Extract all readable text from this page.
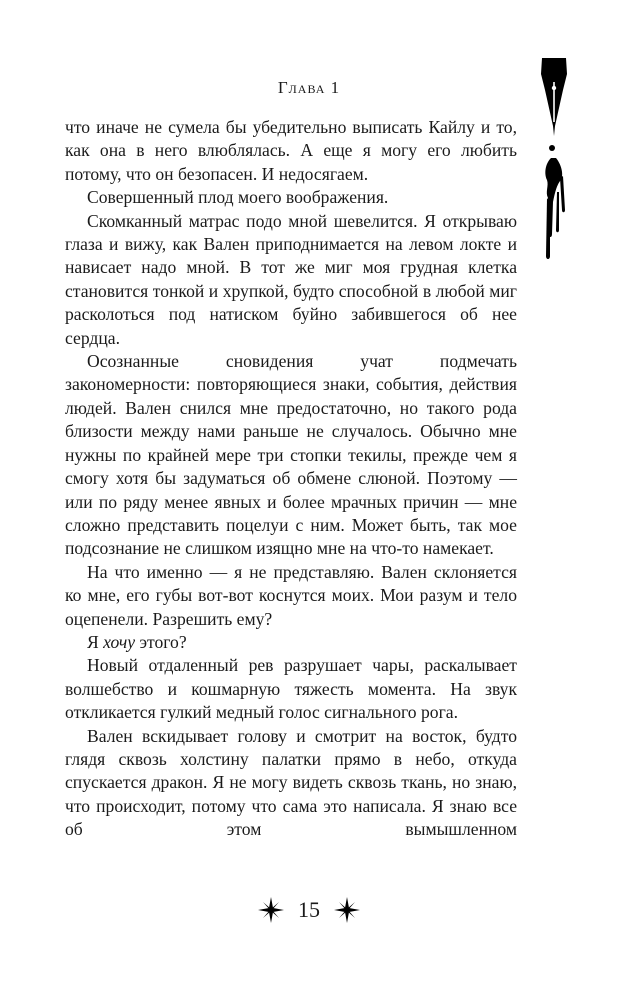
Глава 1

что иначе не сумела бы убедительно выписать Кайлу и то, как она в него влюблялась. А еще я могу его любить потому, что он безопасен. И недосягаем.

Совершенный плод моего воображения.

Скомканный матрас подо мной шевелится. Я открываю глаза и вижу, как Вален приподнимается на левом локте и нависает надо мной. В тот же миг моя грудная клетка становится тонкой и хрупкой, будто способной в любой миг расколоться под натиском буйно забившегося об нее сердца.

Осознанные сновидения учат подмечать закономерности: повторяющиеся знаки, события, действия людей. Вален снился мне предостаточно, но такого рода близости между нами раньше не случалось. Обычно мне нужны по крайней мере три стопки текилы, прежде чем я смогу хотя бы задуматься об обмене слюной. Поэтому — или по ряду менее явных и более мрачных причин — мне сложно представить поцелуи с ним. Может быть, так мое подсознание не слишком изящно мне на что-то намекает.

На что именно — я не представляю. Вален склоняется ко мне, его губы вот-вот коснутся моих. Мои разум и тело оцепенели. Разрешить ему?

Я хочу этого?

Новый отдаленный рев разрушает чары, раскалывает волшебство и кошмарную тяжесть момента. На звук откликается гулкий медный голос сигнального рога.

Вален вскидывает голову и смотрит на восток, будто глядя сквозь холстину палатки прямо в небо, откуда спускается дракон. Я не могу видеть сквозь ткань, но знаю, что происходит, потому что сама это написала. Я знаю все об этом вымышленном

15
